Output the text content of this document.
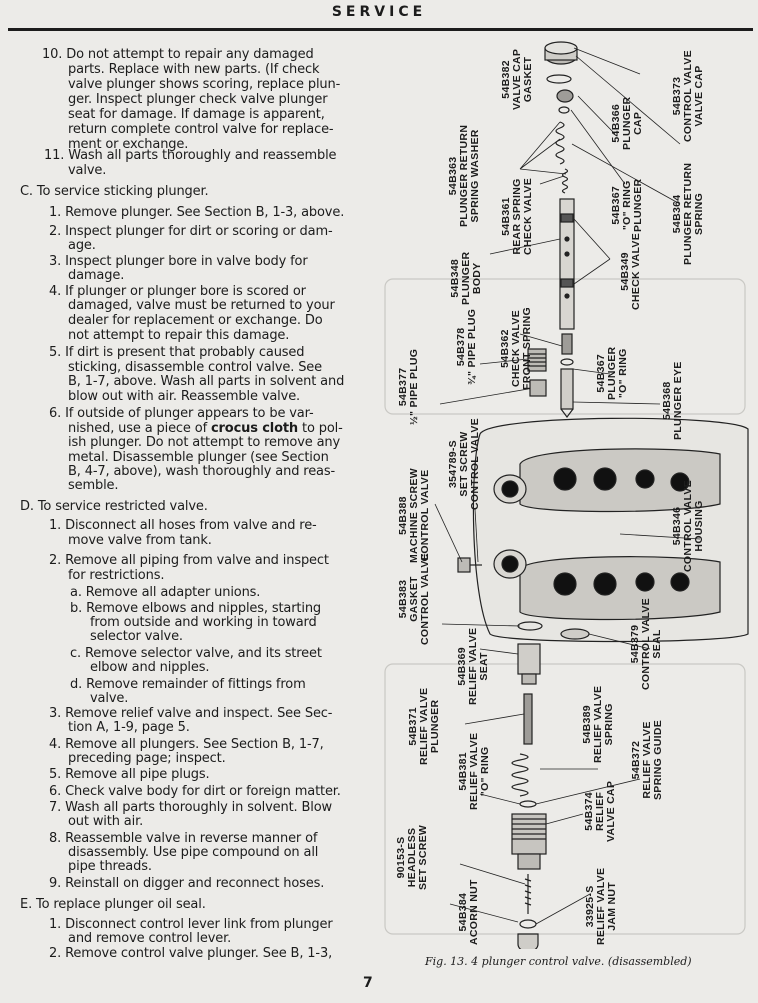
SERVICE
10. Do not attempt to repair any damaged
parts. Replace with new parts. (If check
valve plunger shows scoring, replace plun-
ger. Inspect plunger check valve plunger
seat for damage. If damage is apparent,
return complete control valve for replace-
ment or exchange.
11. Wash all parts thoroughly and reassemble
valve.
C. To service sticking plunger.
1. Remove plunger. See Section B, 1-3, above.
2. Inspect plunger for dirt or scoring or dam-
age.
3. Inspect plunger bore in valve body for
damage.
4. If plunger or plunger bore is scored or
damaged, valve must be returned to your
dealer for replacement or exchange. Do
not attempt to repair this damage.
5. If dirt is present that probably caused
sticking, disassemble control valve. See
B, 1-7, above. Wash all parts in solvent and
blow out with air. Reassemble valve.
6. If outside of plunger appears to be var-
nished, use a piece of crocus cloth to pol-
ish plunger. Do not attempt to remove any
metal. Disassemble plunger (see Section
B, 4-7, above), wash thoroughly and reas-
semble.
D. To service restricted valve.
1. Disconnect all hoses from valve and re-
move valve from tank.
2. Remove all piping from valve and inspect
for restrictions.
a. Remove all adapter unions.
b. Remove elbows and nipples, starting
from outside and working in toward
selector valve.
c. Remove selector valve, and its street
elbow and nipples.
d. Remove remainder of fittings from
valve.
3. Remove relief valve and inspect. See Sec-
tion A, 1-9, page 5.
4. Remove all plungers. See Section B, 1-7,
preceding page; inspect.
5. Remove all pipe plugs.
6. Check valve body for dirt or foreign matter.
7. Wash all parts thoroughly in solvent. Blow
out with air.
8. Reassemble valve in reverse manner of
disassembly. Use pipe compound on all
pipe threads.
9. Reinstall on digger and reconnect hoses.
E. To replace plunger oil seal.
1. Disconnect control lever link from plunger
and remove control lever.
2. Remove control valve plunger. See B, 1-3,
54B382 VALVE CAP GASKET
54B366 PLUNGER CAP
54B373 CONTROL VALVE VALVE CAP
54B363 PLUNGER RETURN SPRING WASHER	54B367 "O" RING PLUNGER
54B361 REAR SPRING CHECK VALVE	54B364 PLUNGER RETURN SPRING
54B348 PLUNGER BODY	54B349 CHECK VALVE
54B362 CHECK VALVE FRONT SPRING
54B378 ¾" PIPE PLUG
54B377 ½" PIPE PLUG	54B367 PLUNGER "O" RING
54B368 PLUNGER EYE
54B388 MACHINE SCREW CONTROL VALVE
354789-S SET SCREW CONTROL VALVE
54B346 CONTROL VALVE HOUSING
54B383 GASKET CONTROL VALVE
54B369 RELIEF VALVE SEAT
54B379 CONTROL VALVE SEAL
54B371 RELIEF VALVE PLUNGER	54B389 RELIEF VALVE SPRING
54B381 RELIEF VALVE "O" RING	54B372 RELIEF VALVE SPRING GUIDE
54B374 RELIEF VALVE CAP
90153-S HEADLESS SET SCREW
54B384 ACORN NUT	33925-S RELIEF VALVE JAM NUT
Fig. 13. 4 plunger control valve. (disassembled)
7
